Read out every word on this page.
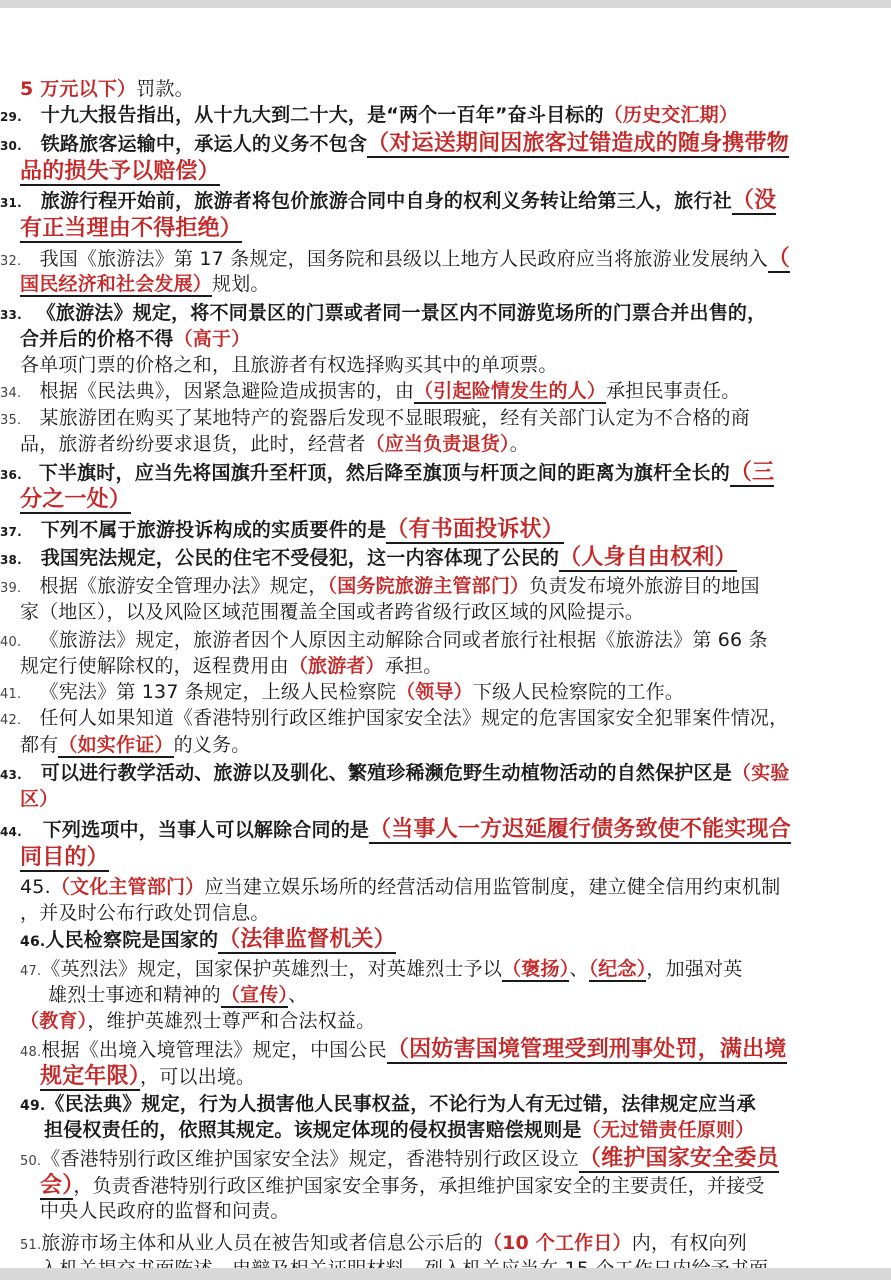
5 万元以下）罚款。
29. 十九大报告指出，从十九大到二十大，是“两个一百年”奋斗目标的（历史交汇期）
30. 铁路旅客运输中，承运人的义务不包含（对运送期间因旅客过错造成的随身携带物
品的损失予以赔偿）
31. 旅游行程开始前，旅游者将包价旅游合同中自身的权利义务转让给第三人，旅行社（没
有正当理由不得拒绝）
32. 我国《旅游法》第 17 条规定，国务院和县级以上地方人民政府应当将旅游业发展纳入（
国民经济和社会发展）规划。
33. 《旅游法》规定，将不同景区的门票或者同一景区内不同游览场所的门票合并出售的，
合并后的价格不得（高于）
各单项门票的价格之和，且旅游者有权选择购买其中的单项票。
34. 根据《民法典》，因紧急避险造成损害的，由（引起险情发生的人）承担民事责任。
35. 某旅游团在购买了某地特产的瓷器后发现不显眼瑕疵，经有关部门认定为不合格的商
品，旅游者纷纷要求退货，此时，经营者（应当负责退货）。
36. 下半旗时，应当先将国旗升至杆顶，然后降至旗顶与杆顶之间的距离为旗杆全长的（三
分之一处）
37. 下列不属于旅游投诉构成的实质要件的是（有书面投诉状）
38. 我国宪法规定，公民的住宅不受侵犯，这一内容体现了公民的（人身自由权利）
39. 根据《旅游安全管理办法》规定，（国务院旅游主管部门）负责发布境外旅游目的地国
家（地区），以及风险区域范围覆盖全国或者跨省级行政区域的风险提示。
40. 《旅游法》规定，旅游者因个人原因主动解除合同或者旅行社根据《旅游法》第 66 条
规定行使解除权的，返程费用由（旅游者）承担。
41. 《宪法》第 137 条规定，上级人民检察院（领导）下级人民检察院的工作。
42. 任何人如果知道《香港特别行政区维护国家安全法》规定的危害国家安全犯罪案件情况，
都有（如实作证）的义务。
43. 可以进行教学活动、旅游以及驯化、繁殖珍稀濒危野生动植物活动的自然保护区是（实验
区）
44. 下列选项中，当事人可以解除合同的是（当事人一方迟延履行债务致使不能实现合
同目的）
45.（文化主管部门）应当建立娱乐场所的经营活动信用监管制度，建立健全信用约束机制
，并及时公布行政处罚信息。
46.人民检察院是国家的（法律监督机关）
47.《英烈法》规定，国家保护英雄烈士，对英雄烈士予以（褒扬）、（纪念），加强对英
雄烈士事迹和精神的（宣传）、
（教育），维护英雄烈士尊严和合法权益。
48.根据《出境入境管理法》规定，中国公民（因妨害国境管理受到刑事处罚，满出境
规定年限），可以出境。
49.《民法典》规定，行为人损害他人民事权益，不论行为人有无过错，法律规定应当承
担侵权责任的，依照其规定。该规定体现的侵权损害赔偿规则是（无过错责任原则）
50.《香港特别行政区维护国家安全法》规定，香港特别行政区设立（维护国家安全委员
会），负责香港特别行政区维护国家安全事务，承担维护国家安全的主要责任，并接受
中央人民政府的监督和问责。
51.旅游市场主体和从业人员在被告知或者信息公示后的（10 个工作日）内，有权向列
